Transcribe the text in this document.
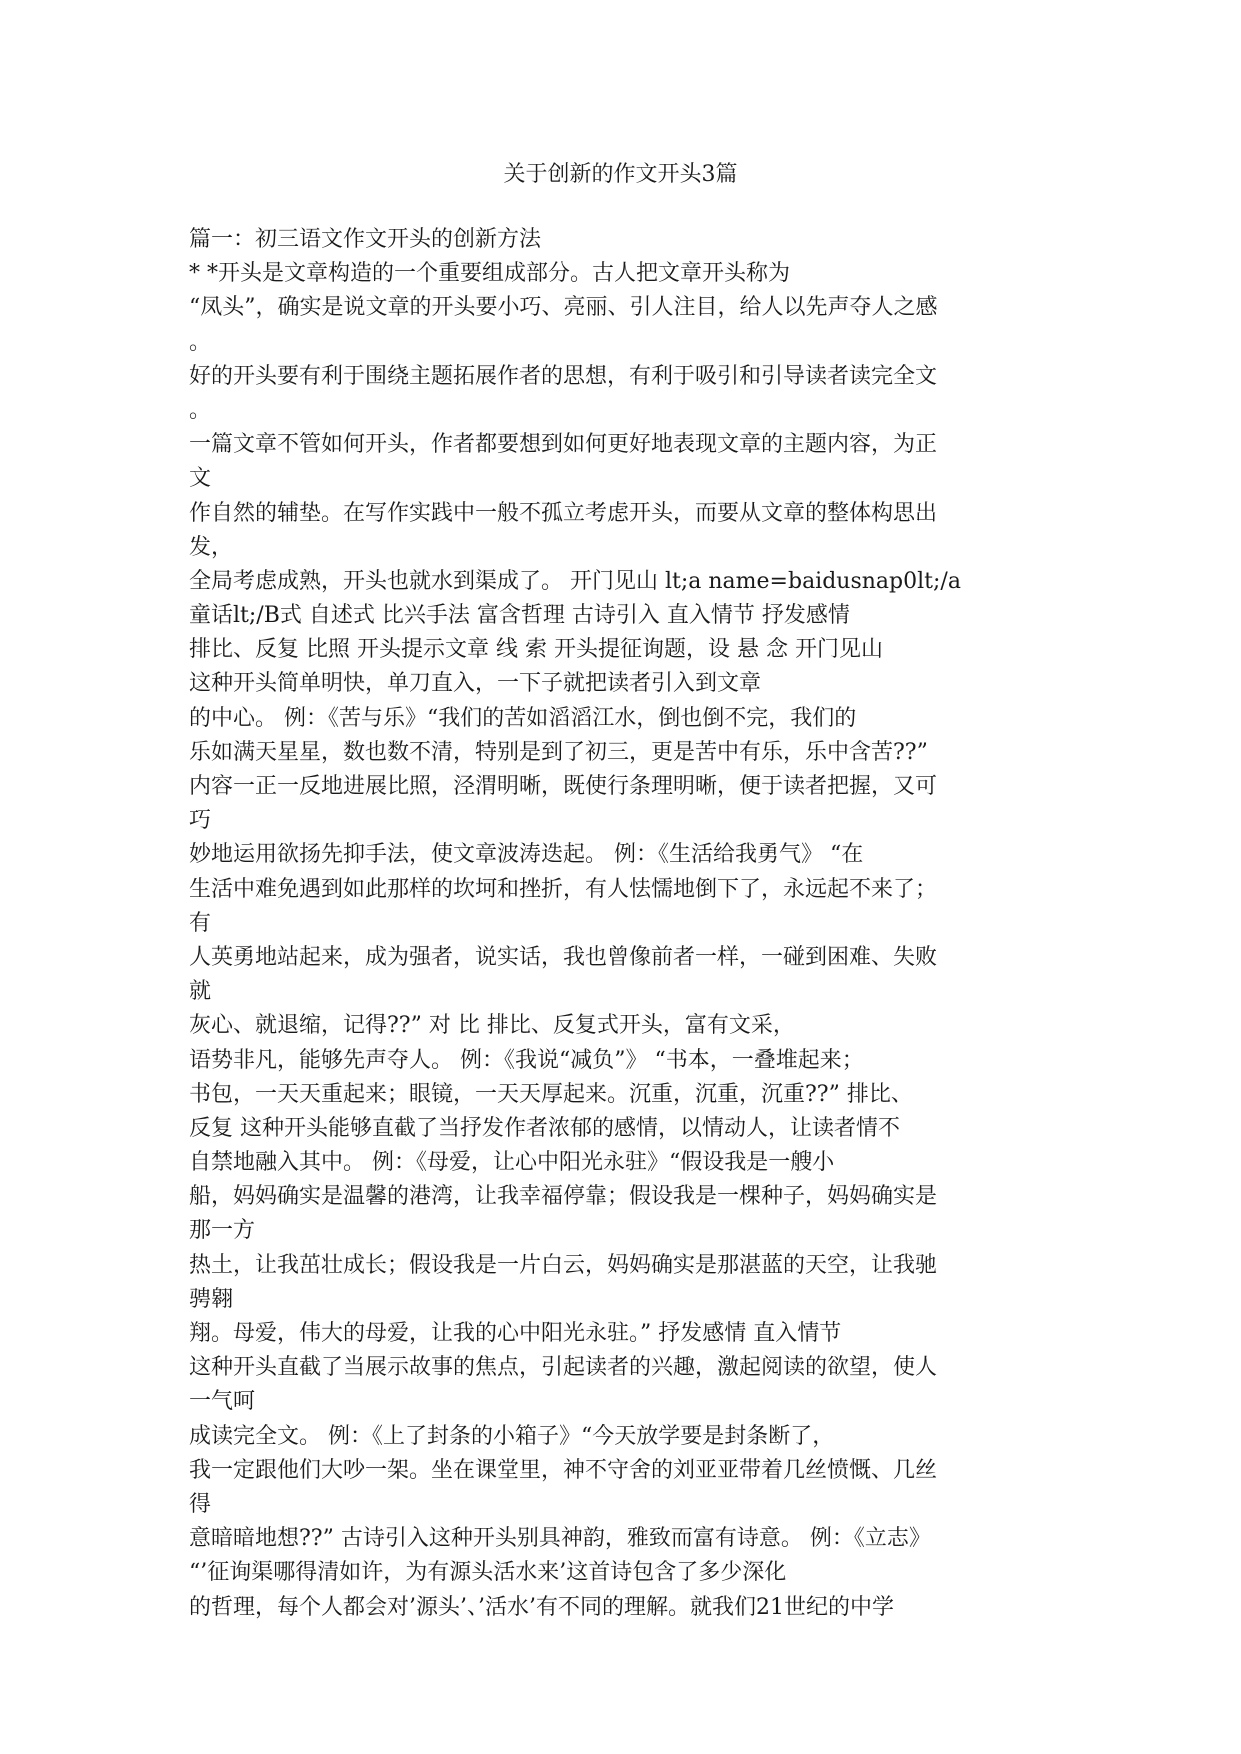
关于创新的作文开头3篇
篇一：初三语文作文开头的创新方法
* *开头是文章构造的一个重要组成部分。古人把文章开头称为
“凤头”，确实是说文章的开头要小巧、亮丽、引人注目，给人以先声夺人之感
。
好的开头要有利于围绕主题拓展作者的思想，有利于吸引和引导读者读完全文
。
一篇文章不管如何开头，作者都要想到如何更好地表现文章的主题内容，为正
文
作自然的辅垫。在写作实践中一般不孤立考虑开头，而要从文章的整体构思出
发，
全局考虑成熟，开头也就水到渠成了。 开门见山 lt;a name=baidusnap0lt;/a
童话lt;/B式 自述式 比兴手法 富含哲理 古诗引入 直入情节 抒发感情
排比、反复 比照 开头提示文章 线 索 开头提征询题，设 悬 念 开门见山
这种开头简单明快，单刀直入，一下子就把读者引入到文章
的中心。 例：《苦与乐》“我们的苦如滔滔江水，倒也倒不完，我们的
乐如满天星星，数也数不清，特别是到了初三，更是苦中有乐，乐中含苦??”
内容一正一反地进展比照，泾渭明晰，既使行条理明晰，便于读者把握，又可
巧
妙地运用欲扬先抑手法，使文章波涛迭起。 例：《生活给我勇气》 “在
生活中难免遇到如此那样的坎坷和挫折，有人怯懦地倒下了，永远起不来了；
有
人英勇地站起来，成为强者，说实话，我也曾像前者一样，一碰到困难、失败
就
灰心、就退缩，记得??” 对 比 排比、反复式开头，富有文采，
语势非凡，能够先声夺人。 例：《我说“减负”》 “书本，一叠堆起来；
书包，一天天重起来；眼镜，一天天厚起来。沉重，沉重，沉重??” 排比、
反复 这种开头能够直截了当抒发作者浓郁的感情，以情动人，让读者情不
自禁地融入其中。 例：《母爱，让心中阳光永驻》“假设我是一艘小
船，妈妈确实是温馨的港湾，让我幸福停靠；假设我是一棵种子，妈妈确实是
那一方
热土，让我茁壮成长；假设我是一片白云，妈妈确实是那湛蓝的天空，让我驰
骋翱
翔。母爱，伟大的母爱，让我的心中阳光永驻。” 抒发感情 直入情节
这种开头直截了当展示故事的焦点，引起读者的兴趣，激起阅读的欲望，使人
一气呵
成读完全文。 例：《上了封条的小箱子》“今天放学要是封条断了，
我一定跟他们大吵一架。坐在课堂里，神不守舍的刘亚亚带着几丝愤慨、几丝
得
意暗暗地想??” 古诗引入这种开头别具神韵，雅致而富有诗意。 例：《立志》
“’征询渠哪得清如许，为有源头活水来’这首诗包含了多少深化
的哲理，每个人都会对’源头’、’活水’有不同的理解。就我们21世纪的中学
